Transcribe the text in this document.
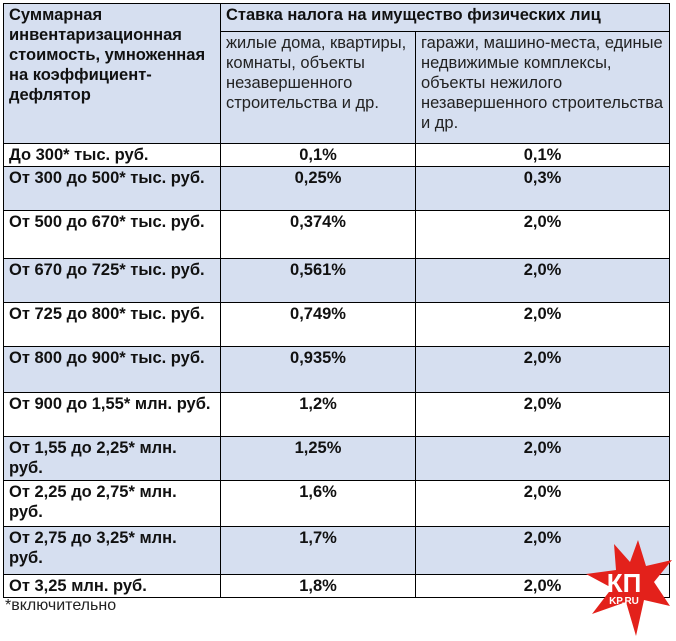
Суммарная инвентаризационная стоимость, умноженная на коэффициент-дефлятор	Ставка налога на имущество физических лиц	
	жилые дома, квартиры, комнаты, объекты незавершенного строительства и др.	гаражи, машино-места, единые недвижимые комплексы, объекты нежилого незавершенного строительства и др.
До 300* тыс. руб.	0,1%	0,1%
От 300 до 500* тыс. руб.	0,25%	0,3%
От 500 до 670* тыс. руб.	0,374%	2,0%
От 670 до 725* тыс. руб.	0,561%	2,0%
От 725 до 800* тыс. руб.	0,749%	2,0%
От 800 до 900* тыс. руб.	0,935%	2,0%
От 900 до 1,55* млн. руб.	1,2%	2,0%
От 1,55 до 2,25* млн. руб.	1,25%	2,0%
От 2,25 до 2,75* млн. руб.	1,6%	2,0%
От 2,75 до 3,25* млн. руб.	1,7%	2,0%
От 3,25 млн. руб.	1,8%	2,0%
*включительно
КП
KP.RU
